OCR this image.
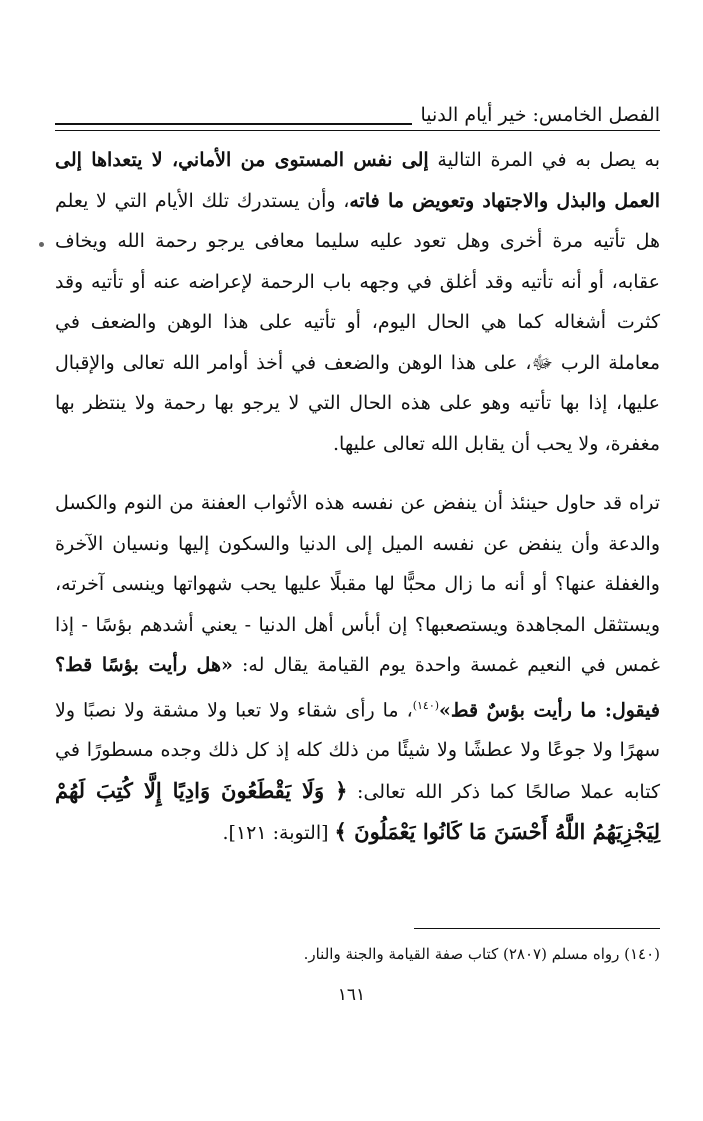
الفصل الخامس: خير أيام الدنيا

به يصل به في المرة التالية إلى نفس المستوى من الأماني، لا يتعداها إلى العمل والبذل والاجتهاد وتعويض ما فاته، وأن يستدرك تلك الأيام التي لا يعلم هل تأتيه مرة أخرى وهل تعود عليه سليما معافى يرجو رحمة الله ويخاف عقابه، أو أنه تأتيه وقد أغلق في وجهه باب الرحمة لإعراضه عنه أو تأتيه وقد كثرت أشغاله كما هي الحال اليوم، أو تأتيه على هذا الوهن والضعف في معاملة الرب ﷻ، على هذا الوهن والضعف في أخذ أوامر الله تعالى والإقبال عليها، إذا بها تأتيه وهو على هذه الحال التي لا يرجو بها رحمة ولا ينتظر بها مغفرة، ولا يحب أن يقابل الله تعالى عليها.

تراه قد حاول حينئذ أن ينفض عن نفسه هذه الأثواب العفنة من النوم والكسل والدعة وأن ينفض عن نفسه الميل إلى الدنيا والسكون إليها ونسيان الآخرة والغفلة عنها؟ أو أنه ما زال محبًّا لها مقبلًا عليها يحب شهواتها وينسى آخرته، ويستثقل المجاهدة ويستصعبها؟ إن أبأس أهل الدنيا - يعني أشدهم بؤسًا - إذا غمس في النعيم غمسة واحدة يوم القيامة يقال له: «هل رأيت بؤسًا قط؟ فيقول: ما رأيت بؤسٌ قط»$^{(١٤٠)}$، ما رأى شقاء ولا تعبا ولا مشقة ولا نصبًا ولا سهرًا ولا جوعًا ولا عطشًا ولا شيئًا من ذلك كله إذ كل ذلك وجده مسطورًا في كتابه عملا صالحًا كما ذكر الله تعالى: ﴿ وَلَا يَقْطَعُونَ وَادِيًا إِلَّا كُتِبَ لَهُمْ لِيَجْزِيَهُمُ اللَّهُ أَحْسَنَ مَا كَانُوا يَعْمَلُونَ ﴾ [التوبة: ١٢١].

(١٤٠) رواه مسلم (٢٨٠٧) كتاب صفة القيامة والجنة والنار.
١٦١
